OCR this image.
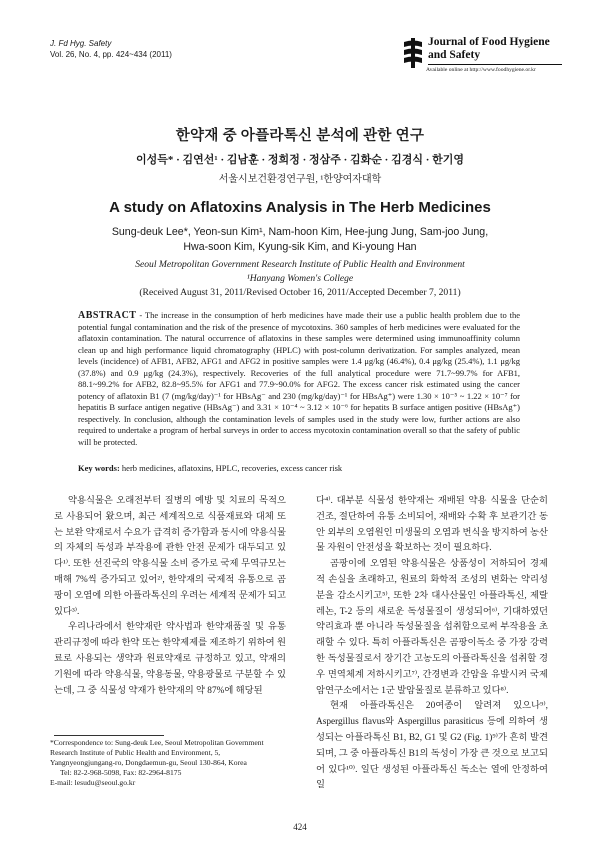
J. Fd Hyg. Safety
Vol. 26, No. 4, pp. 424~434 (2011)
Journal of Food Hygiene
and Safety
Available online at http://www.foodhygiene.or.kr
한약재 중 아플라톡신 분석에 관한 연구
이성득* · 김연선¹ · 김남훈 · 정희정 · 정삼주 · 김화순 · 김경식 · 한기영
서울시보건환경연구원, ¹한양여자대학
A study on Aflatoxins Analysis in The Herb Medicines
Sung-deuk Lee*, Yeon-sun Kim¹, Nam-hoon Kim, Hee-jung Jung, Sam-joo Jung,
Hwa-soon Kim, Kyung-sik Kim, and Ki-young Han
Seoul Metropolitan Government Research Institute of Public Health and Environment
¹Hanyang Women's College
(Received August 31, 2011/Revised October 16, 2011/Accepted December 7, 2011)
ABSTRACT - The increase in the consumption of herb medicines have made their use a public health problem due to the potential fungal contamination and the risk of the presence of mycotoxins. 360 samples of herb medicines were evaluated for the aflatoxin contamination. The natural occurrence of aflatoxins in these samples were determined using immunoaffinity column clean up and high performance liquid chromatography (HPLC) with post-column derivatization. For samples analyzed, mean levels (incidence) of AFB1, AFB2, AFG1 and AFG2 in positive samples were 1.4 μg/kg (46.4%), 0.4 μg/kg (25.4%), 1.1 μg/kg (37.8%) and 0.9 μg/kg (24.3%), respectively. Recoveries of the full analytical procedure were 71.7~99.7% for AFB1, 88.1~99.2% for AFB2, 82.8~95.5% for AFG1 and 77.9~90.0% for AFG2. The excess cancer risk estimated using the cancer potency of aflatoxin B1 (7 (mg/kg/day)⁻¹ for HBsAg⁻ and 230 (mg/kg/day)⁻¹ for HBsAg⁺) were 1.30 × 10⁻⁵ ~ 1.22 × 10⁻⁷ for hepatitis B surface antigen negative (HBsAg⁻) and 3.31 × 10⁻⁴ ~ 3.12 × 10⁻⁶ for hepatits B surface antigen positive (HBsAg⁺) respectively. In conclusion, although the contamination levels of samples used in the study were low, further actions are also required to undertake a program of herbal surveys in order to access mycotoxin contamination overall so that the safety of public will be protected.
Key words: herb medicines, aflatoxins, HPLC, recoveries, excess cancer risk

약용식물은 오래전부터 질병의 예방 및 치료의 목적으로 사용되어 왔으며, 최근 세계적으로 식품재료와 대체 또는 보완 약재로서 수요가 급격히 증가함과 동시에 약용식물의 자체의 독성과 부작용에 관한 안전 문제가 대두되고 있다¹⁾. 또한 선진국의 약용식물 소비 증가로 국제 무역규모는 매해 7%씩 증가되고 있어²⁾, 한약재의 국제적 유통으로 곰팡이 오염에 의한 아플라톡신의 우려는 세계적 문제가 되고 있다³⁾.

우리나라에서 한약재란 약사법과 한약재품질 및 유통관리규정에 따라 한약 또는 한약제제를 제조하기 위하여 원료로 사용되는 생약과 원료약재로 규정하고 있고, 약재의 기원에 따라 약용식물, 약용동물, 약용광물로 구분할 수 있는데, 그 중 식물성 약재가 한약재의 약 87%에 해당된

다⁴⁾. 대부분 식물성 한약재는 재배된 약용 식물을 단순히 건조, 절단하여 유통 소비되어, 재배와 수확 후 보관기간 동안 외부의 오염원인 미생물의 오염과 번식을 방지하여 농산물 자원이 안전성을 확보하는 것이 필요하다.

곰팡이에 오염된 약용식물은 상품성이 저하되어 경제적 손실을 초래하고, 원료의 화학적 조성의 변화는 약리성분을 감소시키고⁵⁾, 또한 2차 대사산물인 아플라톡신, 제랄레논, T-2 등의 새로운 독성물질이 생성되어⁶⁾, 기대하였던 약리효과 뿐 아니라 독성물질을 섭취함으로써 부작용을 초래할 수 있다. 특히 아플라톡신은 곰팡이독소 중 가장 강력한 독성물질로서 장기간 고농도의 아플라톡신을 섭취할 경우 면역체계 저하시키고⁷⁾, 간경변과 간암을 유발시켜 국제암연구소에서는 1군 발암물질로 분류하고 있다⁸⁾.

현재 아플라톡신은 20여종이 알려져 있으나⁹⁾, Aspergillus flavus와 Aspergillus parasiticus 등에 의하여 생성되는 아플라톡신 B1, B2, G1 및 G2 (Fig. 1)⁹⁾가 흔히 발견되며, 그 중 아플라톡신 B1의 독성이 가장 큰 것으로 보고되어 있다¹⁰⁾. 일단 생성된 아플라톡신 독소는 열에 안정하여 일

*Correspondence to: Sung-deuk Lee, Seoul Metropolitan Government Research Institute of Public Health and Environment, 5, Yangnyeongjungang-ro, Dongdaemun-gu, Seoul 130-864, Korea
Tel: 82-2-968-5098, Fax: 82-2964-8175
E-mail: lesudu@seoul.go.kr
424
